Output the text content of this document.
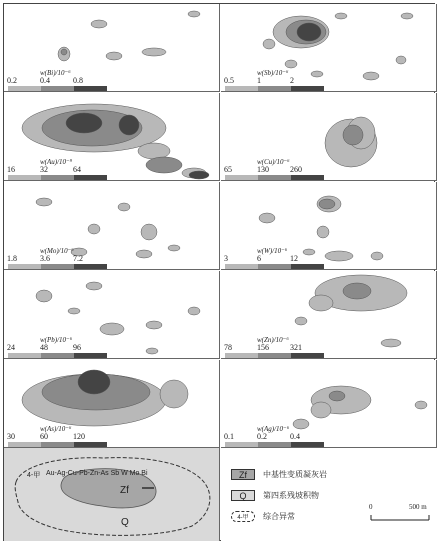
w(Bi)/10⁻⁶
0.2	0.4	0.8
w(Sb)/10⁻⁶
0.5	1	2
w(Au)/10⁻⁹
16	32	64
w(Cu)/10⁻⁶
65	130	260
w(Mo)/10⁻⁶
1.8	3.6	7.2
w(W)/10⁻⁶
3	6	12
w(Pb)/10⁻⁶
24	48	96
w(Zn)/10⁻⁶
78	156	321
w(As)/10⁻⁶
30	60	120
w(Ag)/10⁻⁶
0.1	0.2	0.4
Au-Ag-Cu-Pb-Zn-As Sb W Mo Bi
4-甲
Zf
Q
Zf	中基性变质凝灰岩
Q	第四系残坡积物
4-甲	综合异常
0	500 m
